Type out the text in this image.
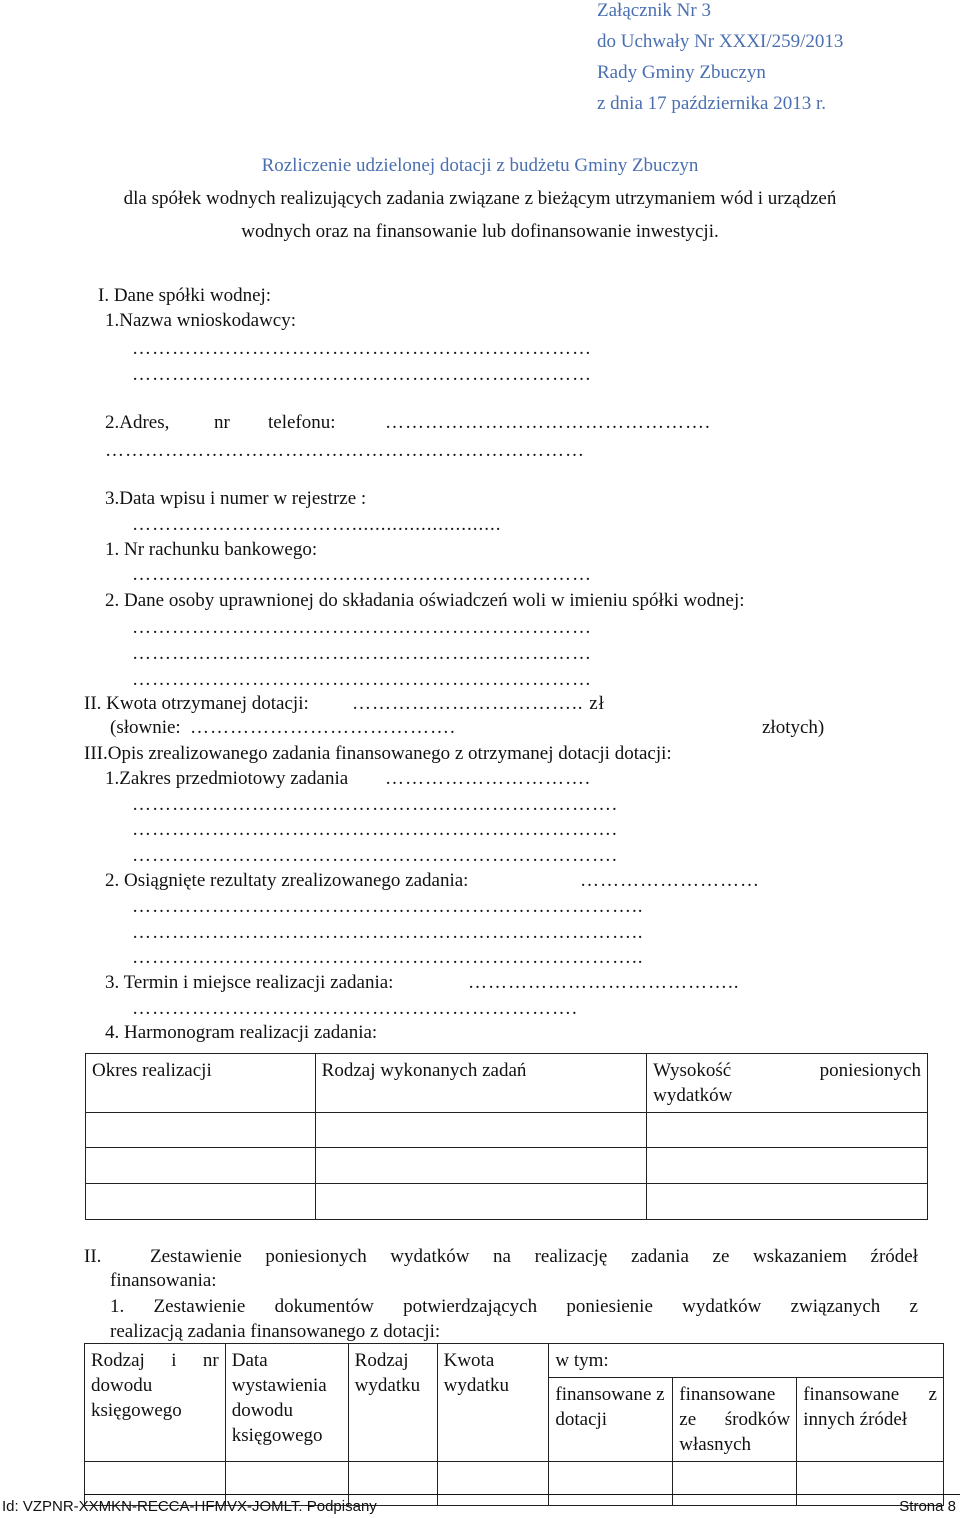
Załącznik Nr 3
do Uchwały Nr XXXI/259/2013
Rady Gminy Zbuczyn
z dnia 17 października 2013 r.
Rozliczenie udzielonej dotacji z budżetu Gminy Zbuczyn
dla spółek wodnych realizujących zadania związane z bieżącym utrzymaniem wód i urządzeń
wodnych oraz na finansowanie lub dofinansowanie inwestycji.
I. Dane spółki wodnej:
1.Nazwa wnioskodawcy:
……………………………………………………………
……………………………………………………………
2.Adres, nr telefonu:	………………………………………….
………………………………………………………………
3.Data wpisu i numer w rejestrze :
……………………………..........................
1. Nr rachunku bankowego:
……………………………………………………………
2. Dane osoby uprawnionej do składania oświadczeń woli w imieniu spółki wodnej:
……………………………………………………………
……………………………………………………………
……………………………………………………………
II. Kwota otrzymanej dotacji: …………………………….. zł
(słownie: ………………………………….	złotych)
III.Opis zrealizowanego zadania finansowanego z otrzymanej dotacji dotacji:
1.Zakres przedmiotowy zadania ………………………….
……………………………………………………………….
……………………………………………………………….
……………………………………………………………….
2. Osiągnięte rezultaty zrealizowanego zadania:	………………………
…………………………………………………………………..
…………………………………………………………………..
…………………………………………………………………..
3. Termin i miejsce realizacji zadania:	…………………………………..
………………………………………………………….
4. Harmonogram realizacji zadania:
Okres realizacji	Rodzaj wykonanych zadań	Wysokość poniesionych
wydatków

II.	Zestawienie poniesionych wydatków na realizację zadania ze wskazaniem źródeł
finansowania:
1. Zestawienie dokumentów potwierdzających poniesienie wydatków związanych z
realizacją zadania finansowanego z dotacji:
Rodzaj i nr dowodu księgowego	Data wystawienia dowodu księgowego	Rodzaj wydatku	Kwota wydatku	w tym:		
				finansowane z dotacji	finansowane ze środków własnych	finansowane z innych źródeł

Id: VZPNR-XXMKN-RECCA-HFMVX-JOMLT. Podpisany	Strona 8
